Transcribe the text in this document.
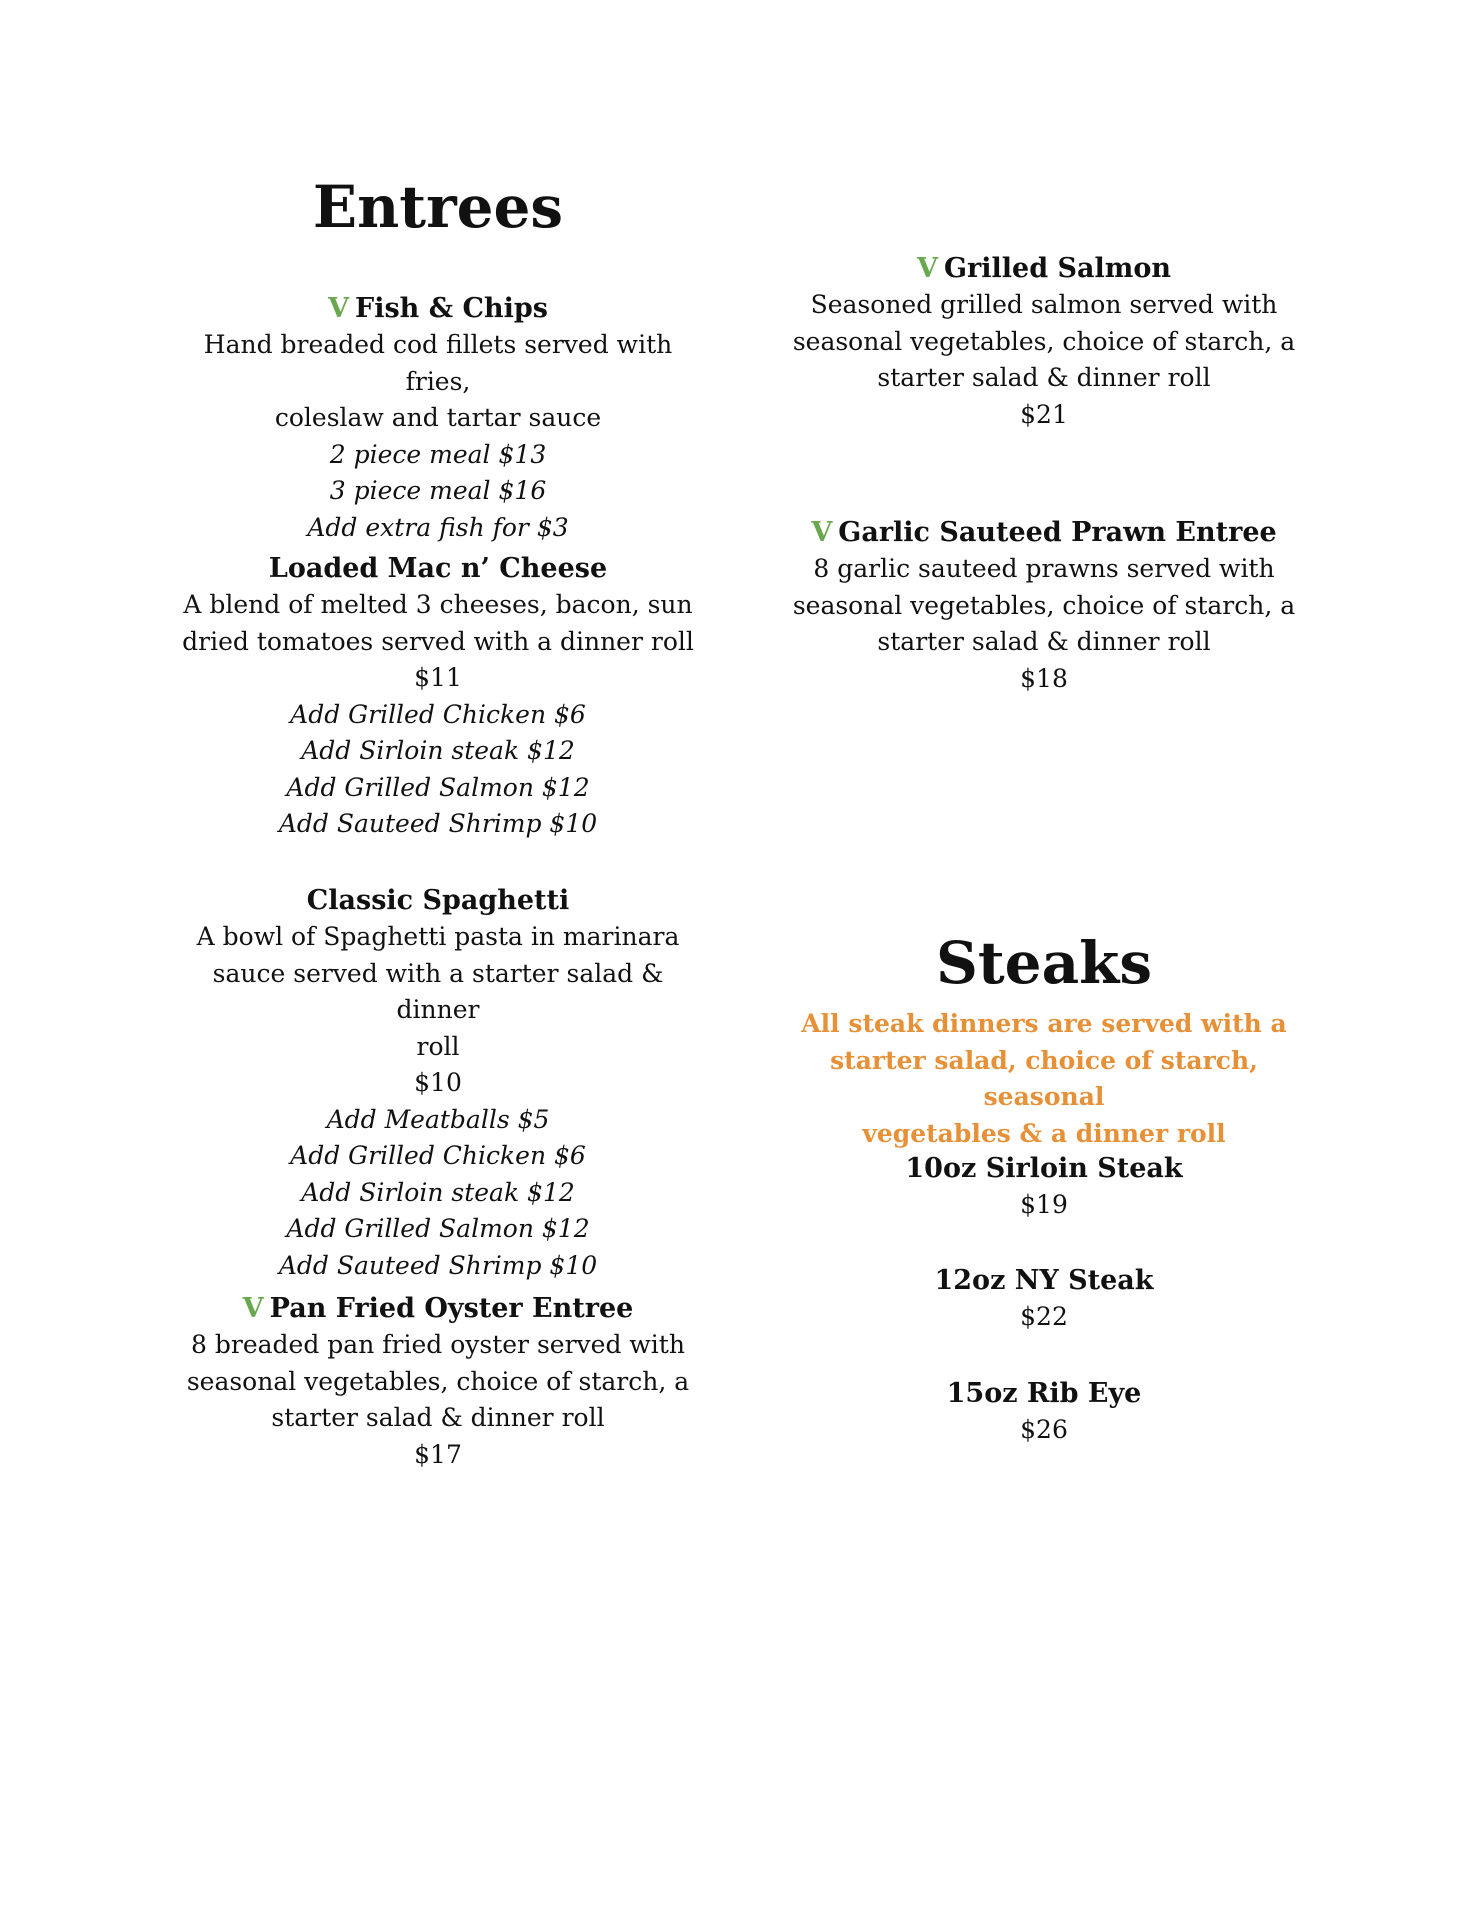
Entrees

V Fish & Chips

Hand breaded cod fillets served with fries,

coleslaw and tartar sauce

2 piece meal $13

3 piece meal $16

Add extra fish for $3

Loaded Mac n’ Cheese

A blend of melted 3 cheeses, bacon, sun

dried tomatoes served with a dinner roll

$11

Add Grilled Chicken $6

Add Sirloin steak $12

Add Grilled Salmon $12

Add Sauteed Shrimp $10

Classic Spaghetti

A bowl of Spaghetti pasta in marinara

sauce served with a starter salad & dinner

roll

$10

Add Meatballs $5

Add Grilled Chicken $6

Add Sirloin steak $12

Add Grilled Salmon $12

Add Sauteed Shrimp $10

V Pan Fried Oyster Entree

8 breaded pan fried oyster served with

seasonal vegetables, choice of starch, a

starter salad & dinner roll

$17

V Grilled Salmon

Seasoned grilled salmon served with

seasonal vegetables, choice of starch, a

starter salad & dinner roll

$21

V Garlic Sauteed Prawn Entree

8 garlic sauteed prawns served with

seasonal vegetables, choice of starch, a

starter salad & dinner roll

$18

Steaks

All steak dinners are served with a

starter salad, choice of starch, seasonal

vegetables & a dinner roll

10oz Sirloin Steak

$19

12oz NY Steak

$22

15oz Rib Eye

$26
